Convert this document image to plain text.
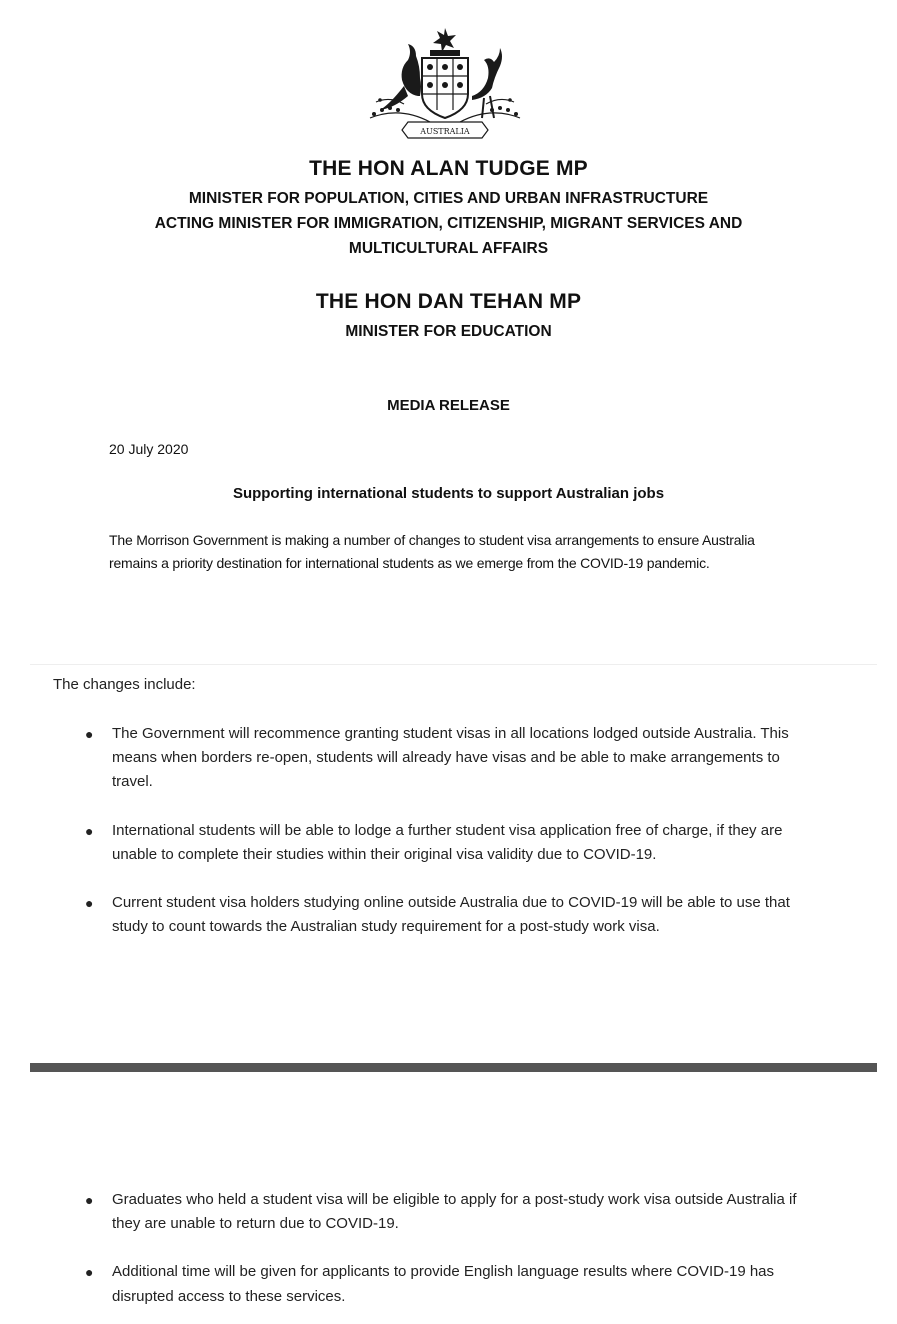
AUSTRALIA
THE HON ALAN TUDGE MP
MINISTER FOR POPULATION, CITIES AND URBAN INFRASTRUCTURE
ACTING MINISTER FOR IMMIGRATION, CITIZENSHIP, MIGRANT SERVICES AND
MULTICULTURAL AFFAIRS
THE HON DAN TEHAN MP
MINISTER FOR EDUCATION
MEDIA RELEASE
20 July 2020
Supporting international students to support Australian jobs
The Morrison Government is making a number of changes to student visa arrangements to ensure Australia remains a priority destination for international students as we emerge from the COVID-19 pandemic.
The changes include:
● The Government will recommence granting student visas in all locations lodged outside Australia. This means when borders re-open, students will already have visas and be able to make arrangements to travel.
● International students will be able to lodge a further student visa application free of charge, if they are unable to complete their studies within their original visa validity due to COVID-19.
● Current student visa holders studying online outside Australia due to COVID-19 will be able to use that study to count towards the Australian study requirement for a post-study work visa.
● Graduates who held a student visa will be eligible to apply for a post-study work visa outside Australia if they are unable to return due to COVID-19.
● Additional time will be given for applicants to provide English language results where COVID-19 has disrupted access to these services.
